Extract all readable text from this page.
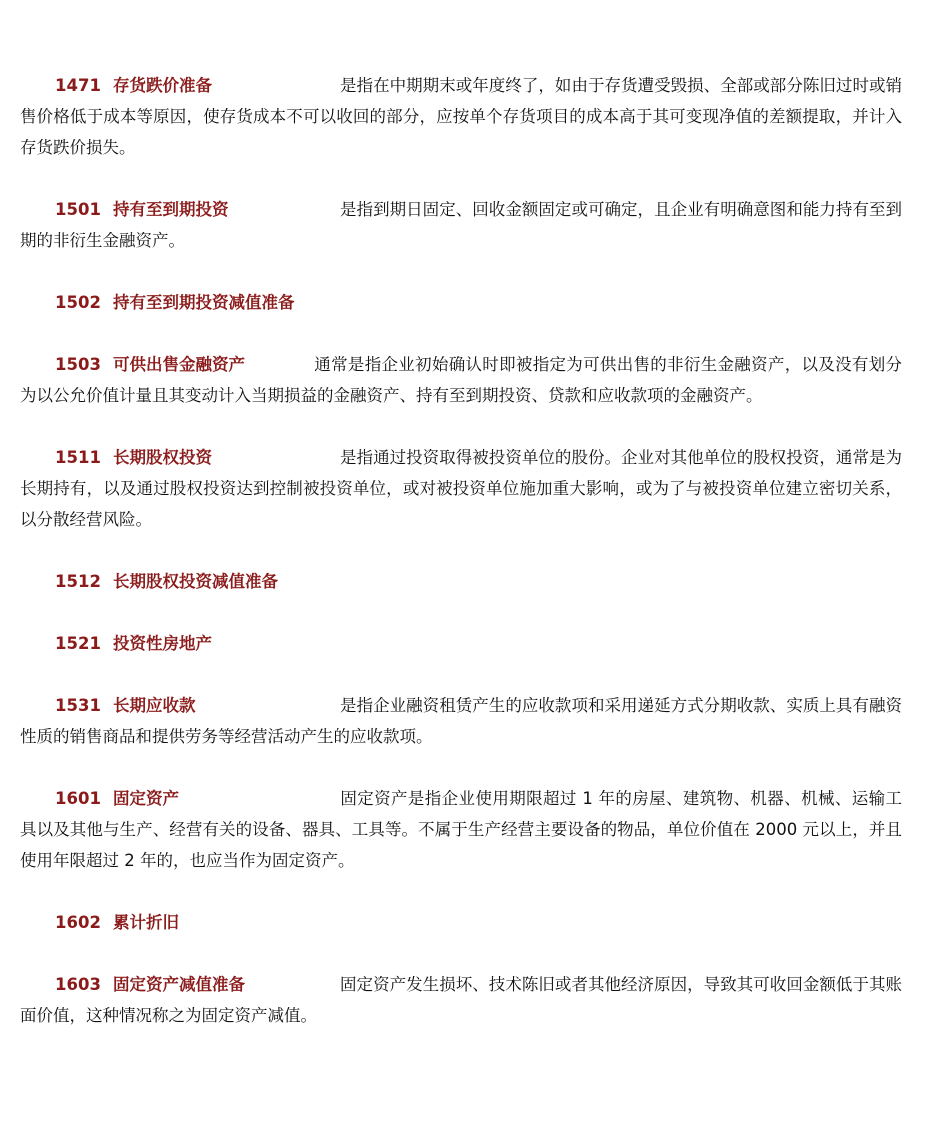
1471 存货跌价准备	是指在中期期末或年度终了，如由于存货遭受毁损、全部或部分陈旧过时或销售价格低于成本等原因，使存货成本不可以收回的部分，应按单个存货项目的成本高于其可变现净值的差额提取，并计入存货跌价损失。

1501 持有至到期投资	是指到期日固定、回收金额固定或可确定，且企业有明确意图和能力持有至到期的非衍生金融资产。

1502 持有至到期投资减值准备

1503 可供出售金融资产	通常是指企业初始确认时即被指定为可供出售的非衍生金融资产，以及没有划分为以公允价值计量且其变动计入当期损益的金融资产、持有至到期投资、贷款和应收款项的金融资产。

1511 长期股权投资	是指通过投资取得被投资单位的股份。企业对其他单位的股权投资，通常是为长期持有，以及通过股权投资达到控制被投资单位，或对被投资单位施加重大影响，或为了与被投资单位建立密切关系，以分散经营风险。

1512 长期股权投资减值准备

1521 投资性房地产

1531 长期应收款	是指企业融资租赁产生的应收款项和采用递延方式分期收款、实质上具有融资性质的销售商品和提供劳务等经营活动产生的应收款项。

1601 固定资产	固定资产是指企业使用期限超过 1 年的房屋、建筑物、机器、机械、运输工具以及其他与生产、经营有关的设备、器具、工具等。不属于生产经营主要设备的物品，单位价值在 2000 元以上，并且使用年限超过 2 年的，也应当作为固定资产。

1602 累计折旧

1603 固定资产减值准备	固定资产发生损坏、技术陈旧或者其他经济原因，导致其可收回金额低于其账面价值，这种情况称之为固定资产减值。
